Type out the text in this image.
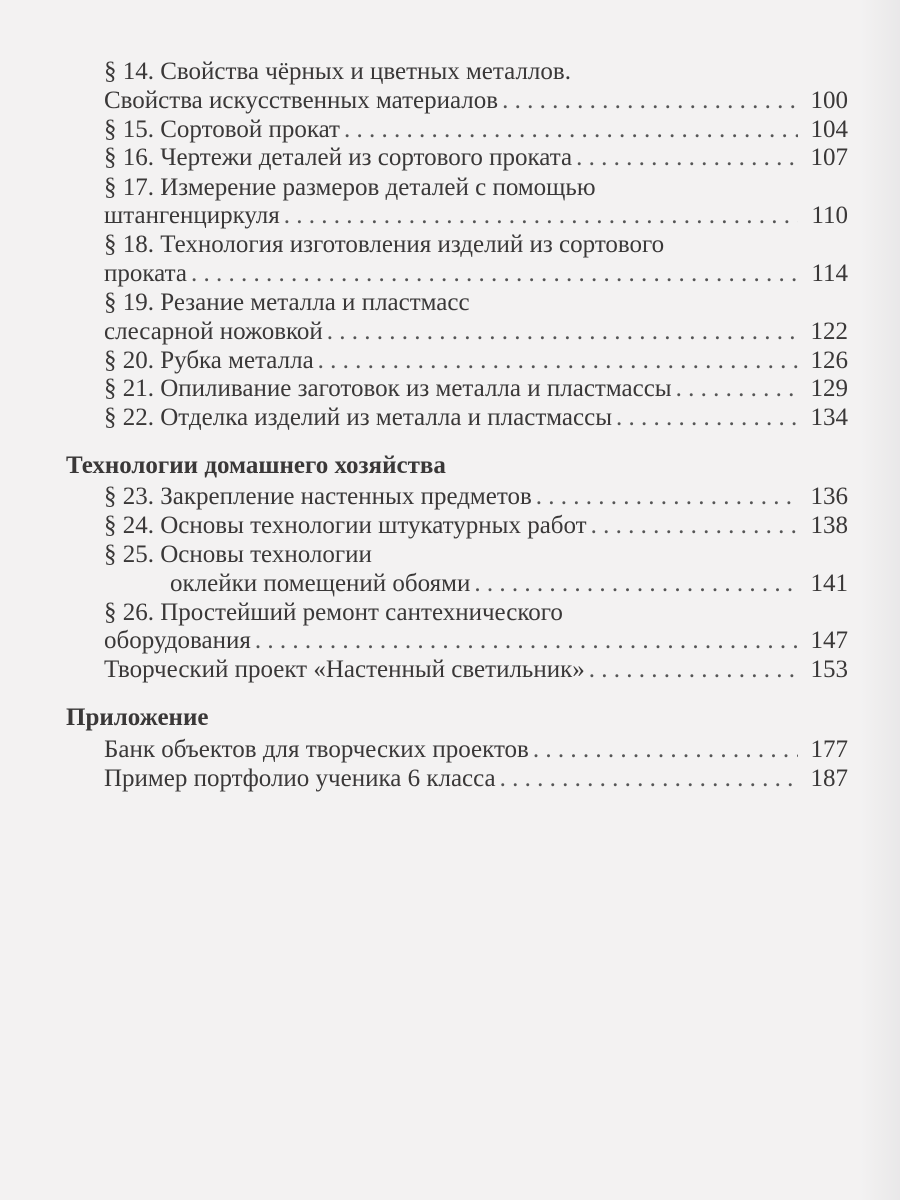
Технологии домашнего хозяйства
Приложение
§ 14. Свойства чёрных и цветных металлов.
Свойства искусственных материалов . . .	100
§ 15. Сортовой прокат . . .	104
§ 16. Чертежи деталей из сортового проката . . .	107
§ 17. Измерение размеров деталей с помощью
штангенциркуля . . .	110
§ 18. Технология изготовления изделий из сортового
проката . . .	114
§ 19. Резание металла и пластмасс
слесарной ножовкой . . .	122
§ 20. Рубка металла . . .	126
§ 21. Опиливание заготовок из металла и пластмассы . . .	129
§ 22. Отделка изделий из металла и пластмассы . . .	134
§ 23. Закрепление настенных предметов . . .	136
§ 24. Основы технологии штукатурных работ . . .	138
§ 25. Основы технологии
оклейки помещений обоями . . .	141
§ 26. Простейший ремонт сантехнического
оборудования . . .	147
Творческий проект «Настенный светильник» . . .	153
Банк объектов для творческих проектов . . .	177
Пример портфолио ученика 6 класса . . .	187
